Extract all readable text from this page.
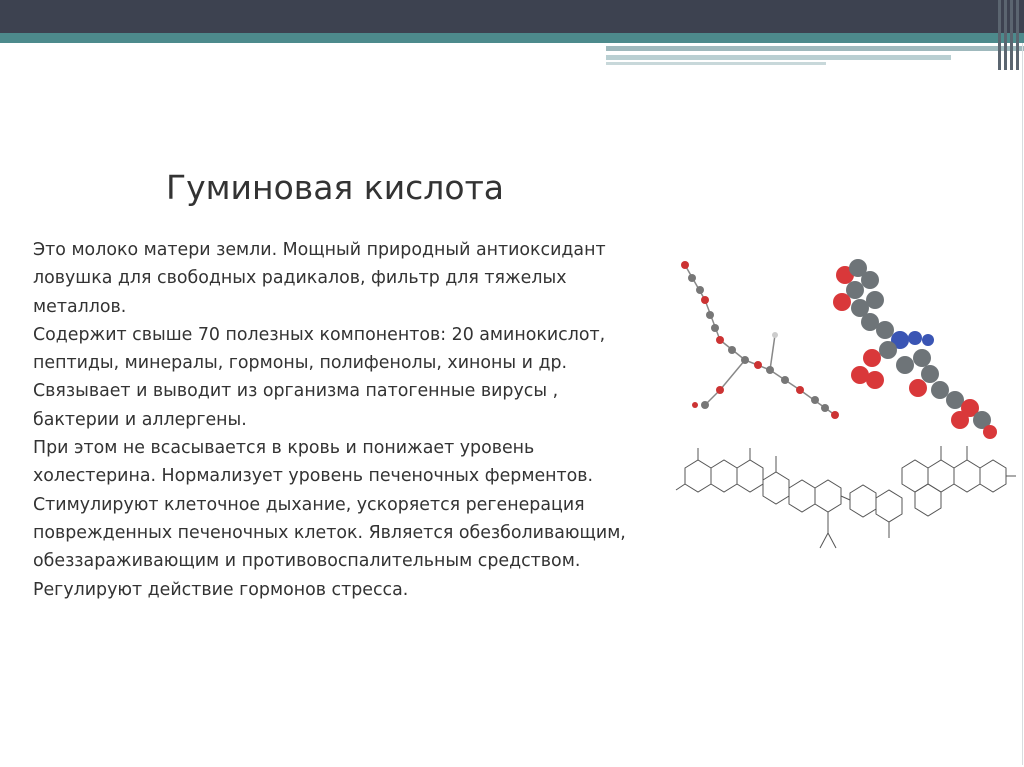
Гуминовая кислота
Это молоко матери земли. Мощный природный антиоксидант
ловушка для свободных радикалов, фильтр для тяжелых
металлов.
Содержит свыше 70 полезных компонентов: 20 аминокислот,
пептиды, минералы, гормоны, полифенолы, хиноны и др.
Связывает и выводит из организма патогенные вирусы ,
бактерии и аллергены.
При этом не всасывается в кровь и понижает уровень
холестерина. Нормализует уровень печеночных ферментов.
Стимулируют клеточное дыхание, ускоряется регенерация
поврежденных печеночных клеток. Является обезболивающим,
обеззараживающим и противовоспалительным средством.
Регулируют действие гормонов стресса.
